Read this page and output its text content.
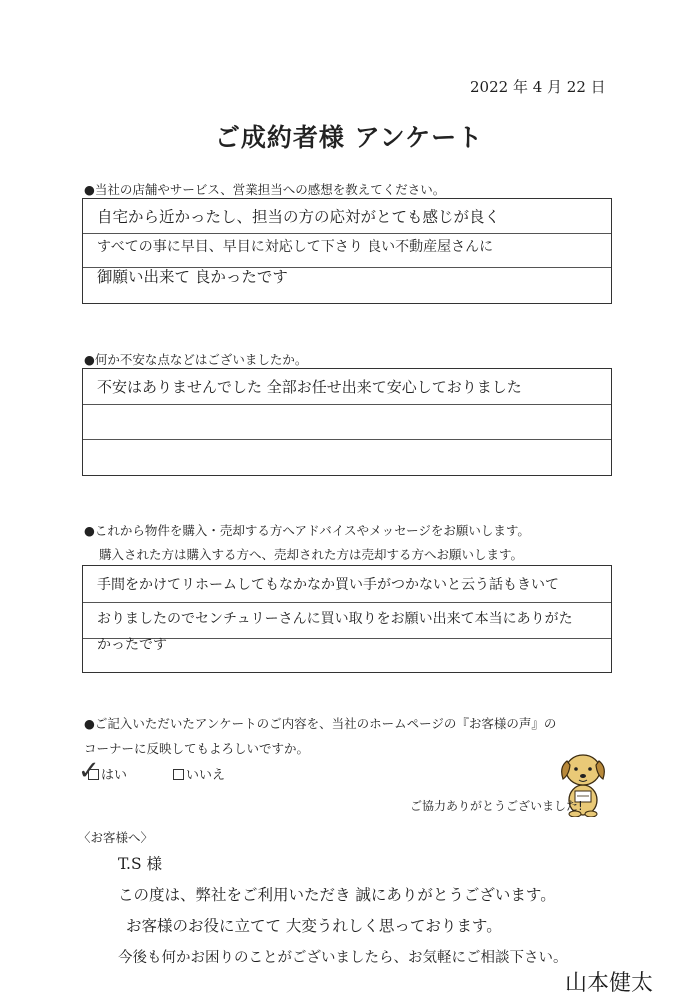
2022 年 4 月 22 日
ご成約者様 アンケート
●当社の店舗やサービス、営業担当への感想を教えてください。
自宅から近かったし、担当の方の応対がとても感じが良く
すべての事に早目、早目に対応して下さり 良い不動産屋さんに
御願い出来て 良かったです
●何か不安な点などはございましたか。
不安はありませんでした 全部お任せ出来て安心しておりました
●これから物件を購入・売却する方へアドバイスやメッセージをお願いします。
購入された方は購入する方へ、売却された方は売却する方へお願いします。
手間をかけてリホームしてもなかなか買い手がつかないと云う話もきいて
おりましたのでセンチュリーさんに買い取りをお願い出来て本当にありがた
かったです
●ご記入いただいたアンケートのご内容を、当社のホームページの『お客様の声』の
コーナーに反映してもよろしいですか。
はい
✓	いいえ
ご協力ありがとうございました!
〈お客様へ〉
T.S 様
この度は、弊社をご利用いただき 誠にありがとうございます。
お客様のお役に立てて 大変うれしく思っております。
今後も何かお困りのことがございましたら、お気軽にご相談下さい。
山本健太
